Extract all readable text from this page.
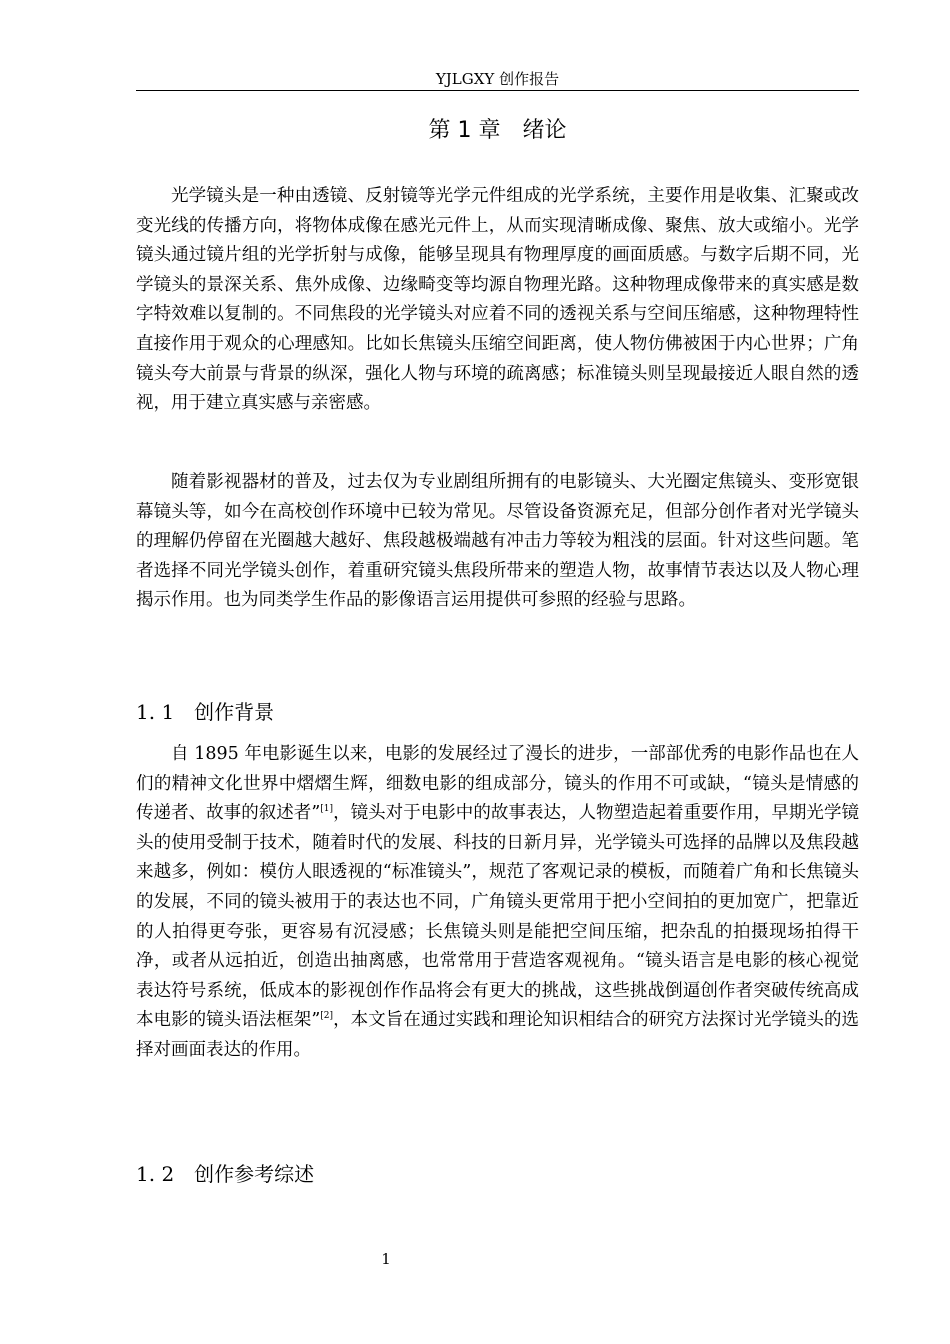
YJLGXY 创作报告
第 1 章　绪论

光学镜头是一种由透镜、反射镜等光学元件组成的光学系统，主要作用是收集、汇聚或改变光线的传播方向，将物体成像在感光元件上，从而实现清晰成像、聚焦、放大或缩小。光学镜头通过镜片组的光学折射与成像，能够呈现具有物理厚度的画面质感。与数字后期不同，光学镜头的景深关系、焦外成像、边缘畸变等均源自物理光路。这种物理成像带来的真实感是数字特效难以复制的。不同焦段的光学镜头对应着不同的透视关系与空间压缩感，这种物理特性直接作用于观众的心理感知。比如长焦镜头压缩空间距离，使人物仿佛被困于内心世界；广角镜头夸大前景与背景的纵深，强化人物与环境的疏离感；标准镜头则呈现最接近人眼自然的透视，用于建立真实感与亲密感。

随着影视器材的普及，过去仅为专业剧组所拥有的电影镜头、大光圈定焦镜头、变形宽银幕镜头等，如今在高校创作环境中已较为常见。尽管设备资源充足，但部分创作者对光学镜头的理解仍停留在光圈越大越好、焦段越极端越有冲击力等较为粗浅的层面。针对这些问题。笔者选择不同光学镜头创作，着重研究镜头焦段所带来的塑造人物，故事情节表达以及人物心理揭示作用。也为同类学生作品的影像语言运用提供可参照的经验与思路。

1. 1　 创作背景

自 1895 年电影诞生以来，电影的发展经过了漫长的进步，一部部优秀的电影作品也在人们的精神文化世界中熠熠生辉，细数电影的组成部分，镜头的作用不可或缺，“镜头是情感的传递者、故事的叙述者”[1]，镜头对于电影中的故事表达，人物塑造起着重要作用，早期光学镜头的使用受制于技术，随着时代的发展、科技的日新月异，光学镜头可选择的品牌以及焦段越来越多，例如：模仿人眼透视的“标准镜头”，规范了客观记录的模板，而随着广角和长焦镜头的发展，不同的镜头被用于的表达也不同，广角镜头更常用于把小空间拍的更加宽广，把靠近的人拍得更夸张，更容易有沉浸感；长焦镜头则是能把空间压缩，把杂乱的拍摄现场拍得干净，或者从远拍近，创造出抽离感，也常常用于营造客观视角。“镜头语言是电影的核心视觉表达符号系统，低成本的影视创作作品将会有更大的挑战，这些挑战倒逼创作者突破传统高成本电影的镜头语法框架”[2]，本文旨在通过实践和理论知识相结合的研究方法探讨光学镜头的选择对画面表达的作用。

1. 2　 创作参考综述
1
